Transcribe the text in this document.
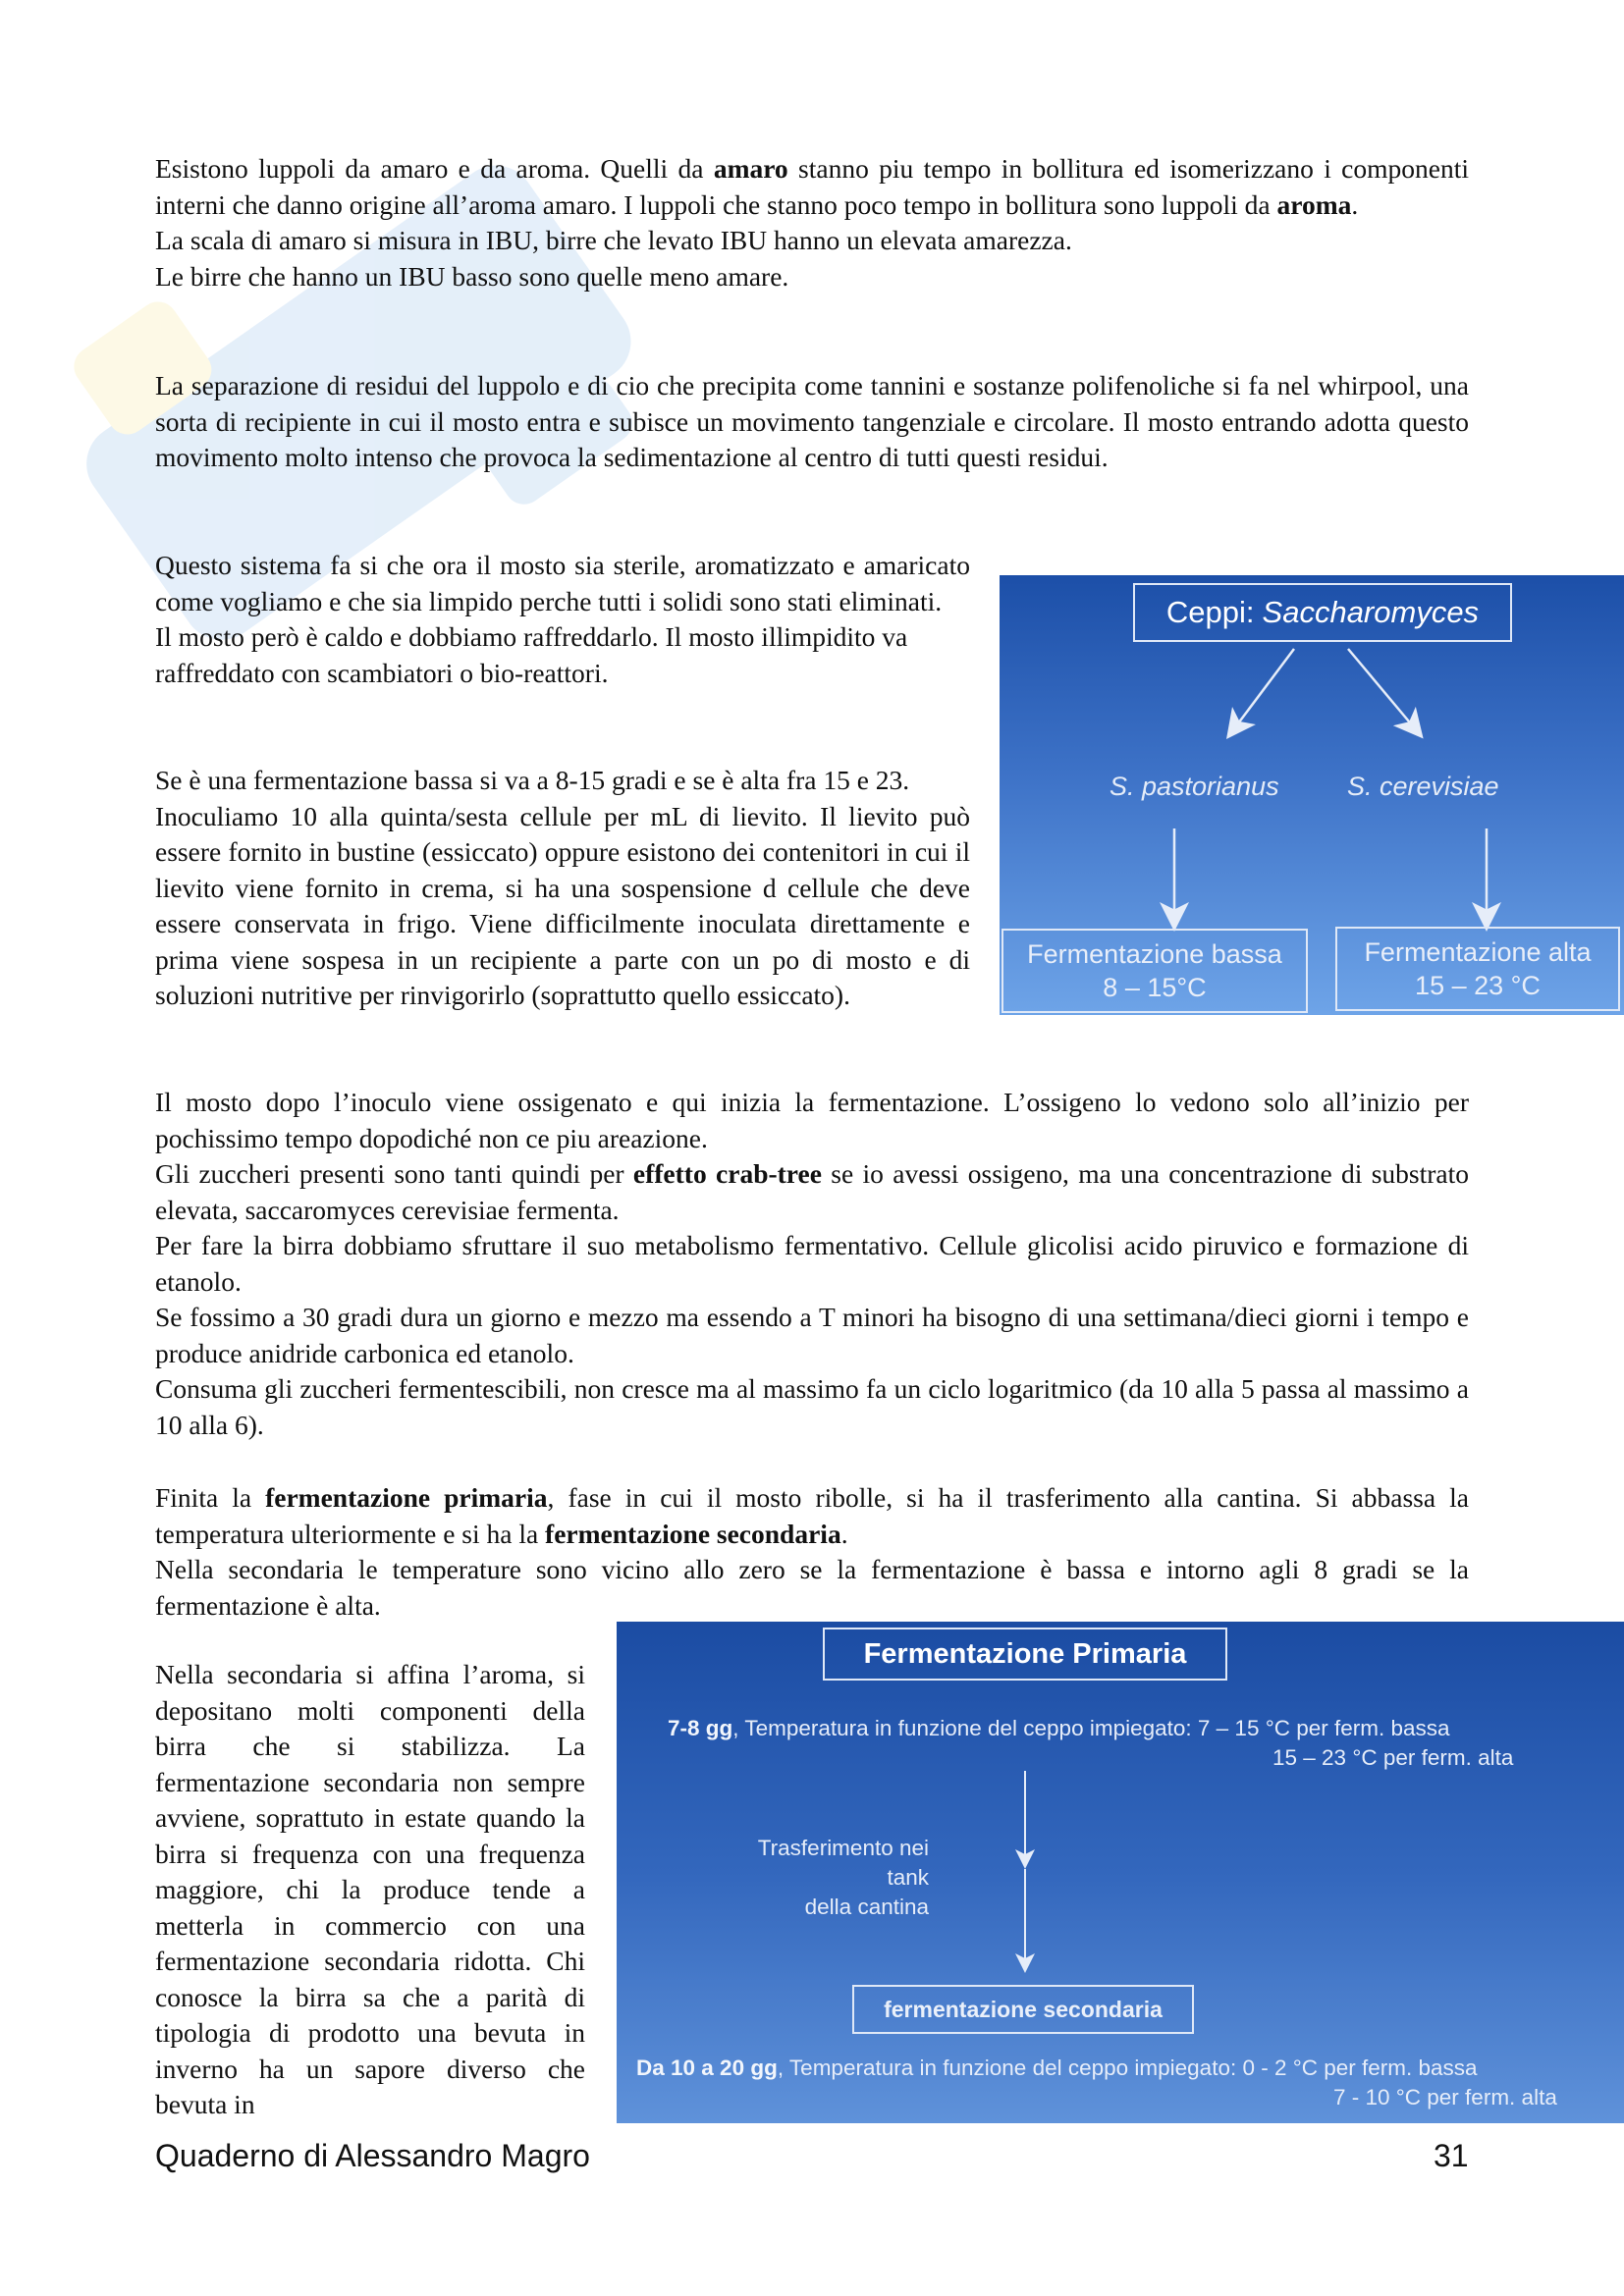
Esistono luppoli da amaro e da aroma. Quelli da amaro stanno piu tempo in bollitura ed isomerizzano i componenti interni che danno origine all’aroma amaro. I luppoli che stanno poco tempo in bollitura sono luppoli da aroma.

La scala di amaro si misura in IBU, birre che levato IBU hanno un elevata amarezza.

Le birre che hanno un IBU basso sono quelle meno amare.

La separazione di residui del luppolo e di cio che precipita come tannini e sostanze polifenoliche si fa nel whirpool, una sorta di recipiente in cui il mosto entra e subisce un movimento tangenziale e circolare. Il mosto entrando adotta questo movimento molto intenso che provoca la sedimentazione al centro di tutti questi residui.

Questo sistema fa si che ora il mosto sia sterile, aromatizzato e amaricato come vogliamo e che sia limpido perche tutti i solidi sono stati eliminati.

Il mosto però è caldo e dobbiamo raffreddarlo. Il mosto illimpidito va raffreddato con scambiatori o bio-reattori.

Se è una fermentazione bassa si va a 8-15 gradi e se è alta fra 15 e 23.

Inoculiamo 10 alla quinta/sesta cellule per mL di lievito. Il lievito può essere fornito in bustine (essiccato) oppure esistono dei contenitori in cui il lievito viene fornito in crema, si ha una sospensione d cellule che deve essere conservata in frigo. Viene difficilmente inoculata direttamente e prima viene sospesa in un recipiente a parte con un po di mosto e di soluzioni nutritive per rinvigorirlo (soprattutto quello essiccato).

Il mosto dopo l’inoculo viene ossigenato e qui inizia la fermentazione. L’ossigeno lo vedono solo all’inizio per pochissimo tempo dopodiché non ce piu areazione.

Gli zuccheri presenti sono tanti quindi per effetto crab-tree se io avessi ossigeno, ma una concentrazione di substrato elevata, saccaromyces cerevisiae fermenta.

Per fare la birra dobbiamo sfruttare il suo metabolismo fermentativo. Cellule glicolisi acido piruvico e formazione di etanolo.

Se fossimo a 30 gradi dura un giorno e mezzo ma essendo a T minori ha bisogno di una settimana/dieci giorni i tempo e produce anidride carbonica ed etanolo.

Consuma gli zuccheri fermentescibili, non cresce ma al massimo fa un ciclo logaritmico (da 10 alla 5 passa al massimo a 10 alla 6).

Finita la fermentazione primaria, fase in cui il mosto ribolle, si ha il trasferimento alla cantina. Si abbassa la temperatura ulteriormente e si ha la fermentazione secondaria.

Nella secondaria le temperature sono vicino allo zero se la fermentazione è bassa e intorno agli 8 gradi se la fermentazione è alta.

Nella secondaria si affina l’aroma, si depositano molti componenti della birra che si stabilizza. La fermentazione secondaria non sempre avviene, soprattuto in estate quando la birra si frequenza con una frequenza maggiore, chi la produce tende a metterla in commercio con una fermentazione secondaria ridotta. Chi conosce la birra sa che a parità di tipologia di prodotto una bevuta in inverno ha un sapore diverso che bevuta in

Ceppi: Saccharomyces
S. pastorianus	S. cerevisiae
Fermentazione bassa
8 – 15°C
Fermentazione alta
15 – 23 °C
Fermentazione Primaria
7-8 gg, Temperatura in funzione del ceppo impiegato: 7 – 15 °C per ferm. bassa
15 – 23 °C per ferm. alta
Trasferimento nei tank
della cantina
fermentazione secondaria
Da 10 a 20 gg, Temperatura in funzione del ceppo impiegato: 0 - 2 °C per ferm. bassa
7 - 10 °C per ferm. alta
Quaderno di Alessandro Magro	31
